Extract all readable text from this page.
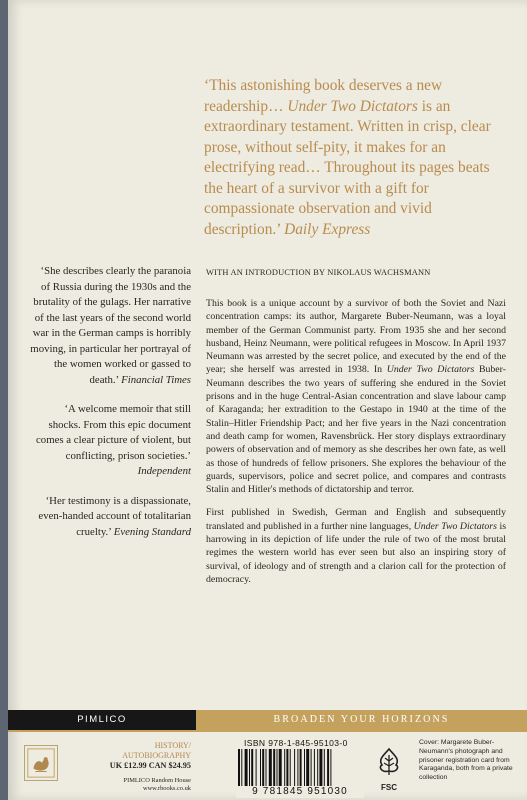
‘This astonishing book deserves a new readership… Under Two Dictators is an extraordinary testament. Written in crisp, clear prose, without self-pity, it makes for an electrifying read… Throughout its pages beats the heart of a survivor with a gift for compassionate observation and vivid description.’ Daily Express
WITH AN INTRODUCTION BY NIKOLAUS WACHSMANN

This book is a unique account by a survivor of both the Soviet and Nazi concentration camps: its author, Margarete Buber-Neumann, was a loyal member of the German Communist party. From 1935 she and her second husband, Heinz Neumann, were political refugees in Moscow. In April 1937 Neumann was arrested by the secret police, and executed by the end of the year; she herself was arrested in 1938. In Under Two Dictators Buber-Neumann describes the two years of suffering she endured in the Soviet prisons and in the huge Central-Asian concentration and slave labour camp of Karaganda; her extradition to the Gestapo in 1940 at the time of the Stalin–Hitler Friendship Pact; and her five years in the Nazi concentration and death camp for women, Ravensbrück. Her story displays extraordinary powers of observation and of memory as she describes her own fate, as well as those of hundreds of fellow prisoners. She explores the behaviour of the guards, supervisors, police and secret police, and compares and contrasts Stalin and Hitler's methods of dictatorship and terror.

First published in Swedish, German and English and subsequently translated and published in a further nine languages, Under Two Dictators is harrowing in its depiction of life under the rule of two of the most brutal regimes the western world has ever seen but also an inspiring story of survival, of ideology and of strength and a clarion call for the protection of democracy.

‘She describes clearly the paranoia of Russia during the 1930s and the brutality of the gulags. Her narrative of the last years of the second world war in the German camps is horribly moving, in particular her portrayal of the women worked or gassed to death.’ Financial Times

‘A welcome memoir that still shocks. From this epic document comes a clear picture of violent, but conflicting, prison societies.’ Independent

‘Her testimony is a dispassionate, even-handed account of totalitarian cruelty.’ Evening Standard

PIMLICO	BROADEN YOUR HORIZONS
HISTORY/
AUTOBIOGRAPHY
UK £12.99 CAN $24.95
PIMLICO Random House
www.rbooks.co.uk
ISBN 978-1-845-95103-0
9 781845 951030	FSC
Cover: Margarete Buber-Neumann's photograph and prisoner registration card from Karaganda, both from a private collection
